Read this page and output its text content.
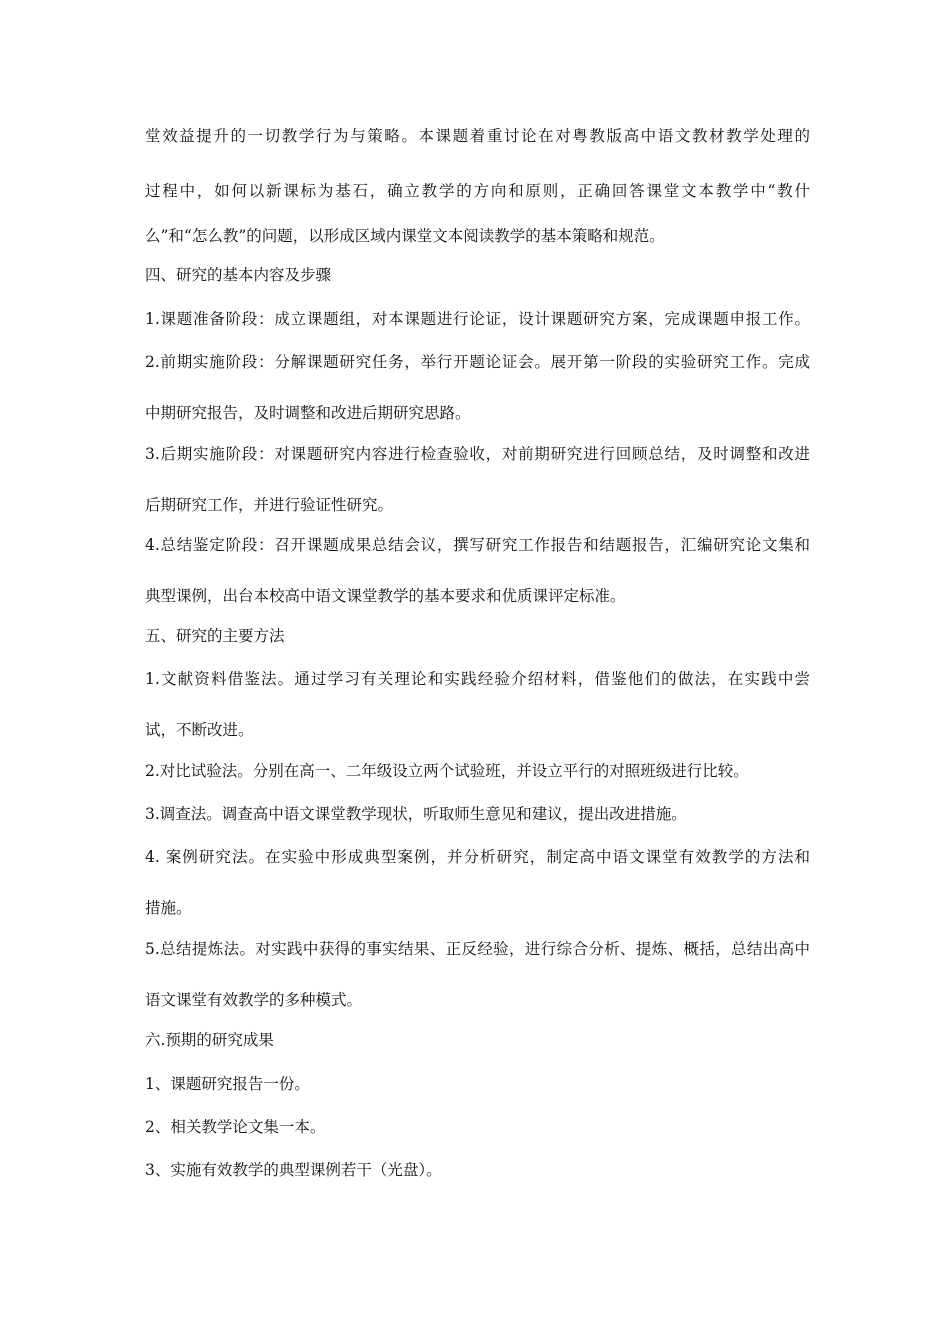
堂效益提升的一切教学行为与策略。本课题着重讨论在对粤教版高中语文教材教学处理的
过程中，如何以新课标为基石，确立教学的方向和原则，正确回答课堂文本教学中“教什
么”和“怎么教”的问题，以形成区域内课堂文本阅读教学的基本策略和规范。
四、研究的基本内容及步骤
1.课题准备阶段：成立课题组，对本课题进行论证，设计课题研究方案，完成课题申报工作。
2.前期实施阶段：分解课题研究任务，举行开题论证会。展开第一阶段的实验研究工作。完成
中期研究报告，及时调整和改进后期研究思路。
3.后期实施阶段：对课题研究内容进行检查验收，对前期研究进行回顾总结，及时调整和改进
后期研究工作，并进行验证性研究。
4.总结鉴定阶段：召开课题成果总结会议，撰写研究工作报告和结题报告，汇编研究论文集和
典型课例，出台本校高中语文课堂教学的基本要求和优质课评定标准。
五、研究的主要方法
1.文献资料借鉴法。通过学习有关理论和实践经验介绍材料，借鉴他们的做法，在实践中尝
试，不断改进。
2.对比试验法。分别在高一、二年级设立两个试验班，并设立平行的对照班级进行比较。
3.调查法。调查高中语文课堂教学现状，听取师生意见和建议，提出改进措施。
4. 案例研究法。在实验中形成典型案例，并分析研究，制定高中语文课堂有效教学的方法和
措施。
5.总结提炼法。对实践中获得的事实结果、正反经验，进行综合分析、提炼、概括，总结出高中
语文课堂有效教学的多种模式。
六.预期的研究成果
1、课题研究报告一份。
2、相关教学论文集一本。
3、实施有效教学的典型课例若干（光盘）。
